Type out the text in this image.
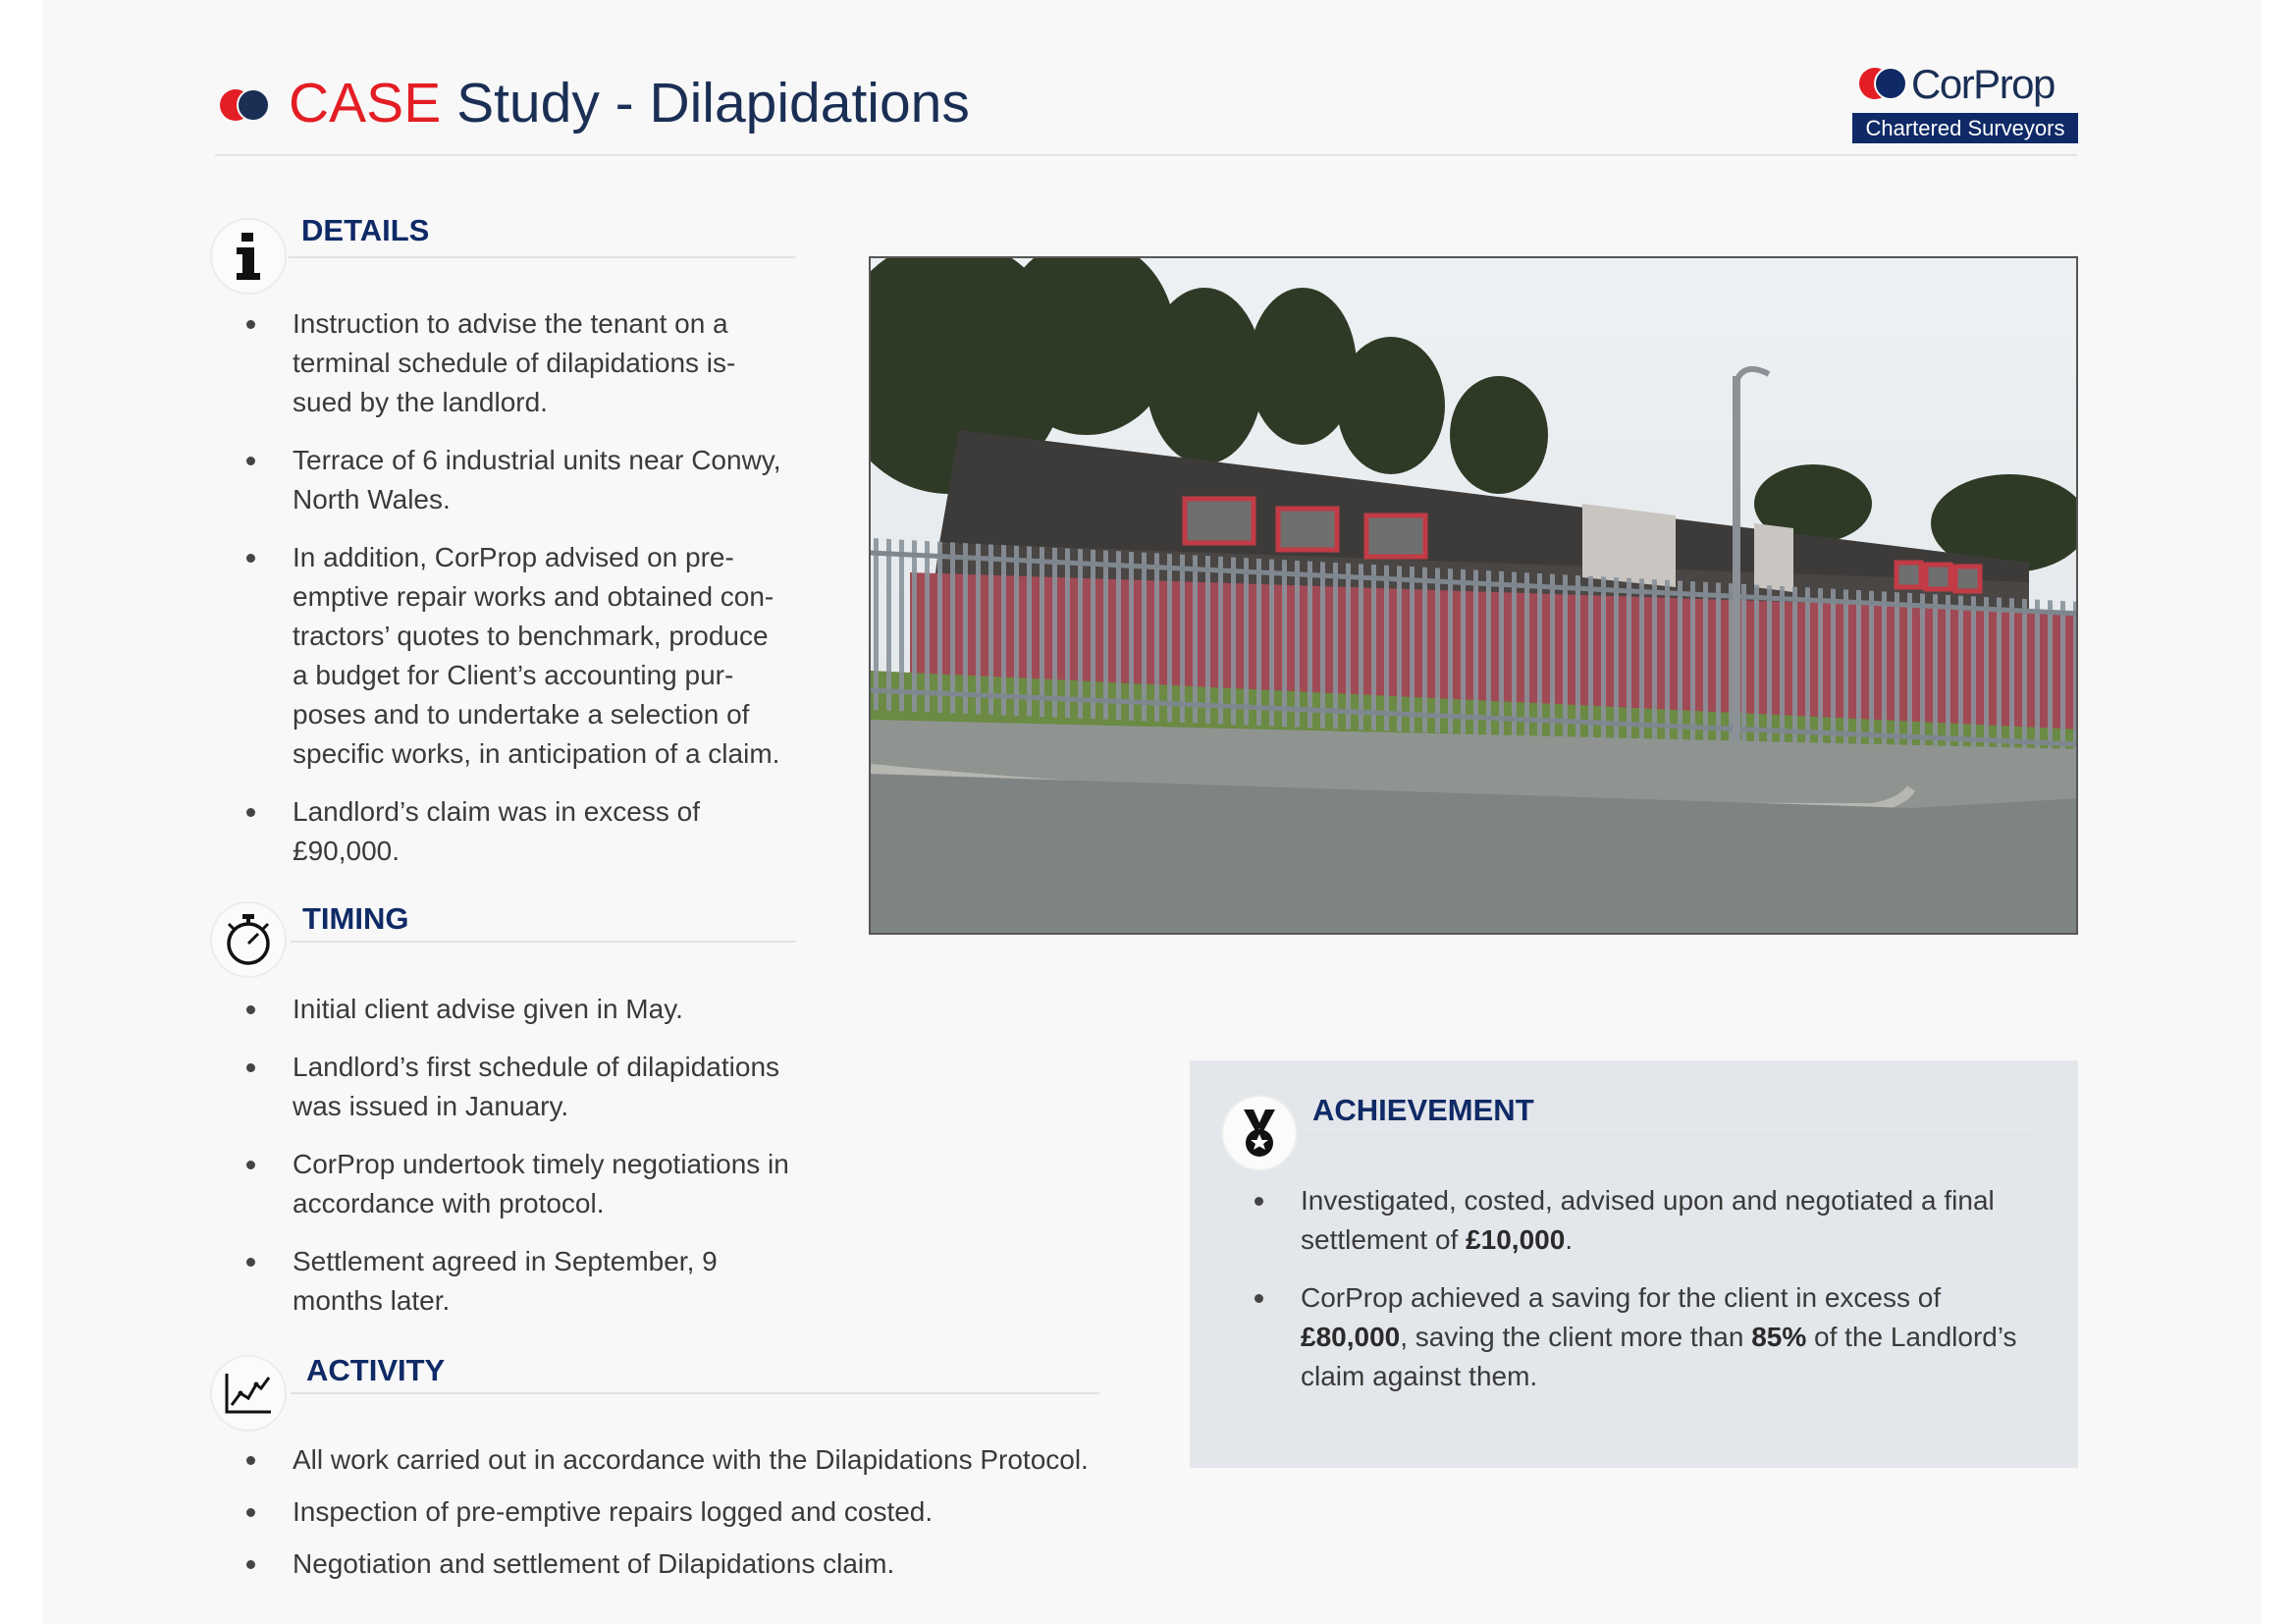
CASE Study - Dilapidations	CorProp
Chartered Surveyors
DETAILS
Instruction to advise the tenant on a
terminal schedule of dilapidations is-
sued by the landlord.
Terrace of 6 industrial units near Conwy,
North Wales.
In addition, CorProp advised on pre-
emptive repair works and obtained con-
tractors’ quotes to benchmark, produce
a budget for Client’s accounting pur-
poses and to undertake a selection of
specific works, in anticipation of a claim.
Landlord’s claim was in excess of
£90,000.
TIMING
Initial client advise given in May.
Landlord’s first schedule of dilapidations
was issued in January.
CorProp undertook timely negotiations in
accordance with protocol.
Settlement agreed in September, 9
months later.
ACTIVITY
All work carried out in accordance with the Dilapidations Protocol.
Inspection of pre-emptive repairs logged and costed.
Negotiation and settlement of Dilapidations claim.
ACHIEVEMENT
Investigated, costed, advised upon and negotiated a final
settlement of £10,000.
CorProp achieved a saving for the client in excess of
£80,000, saving the client more than 85% of the Landlord’s
claim against them.
